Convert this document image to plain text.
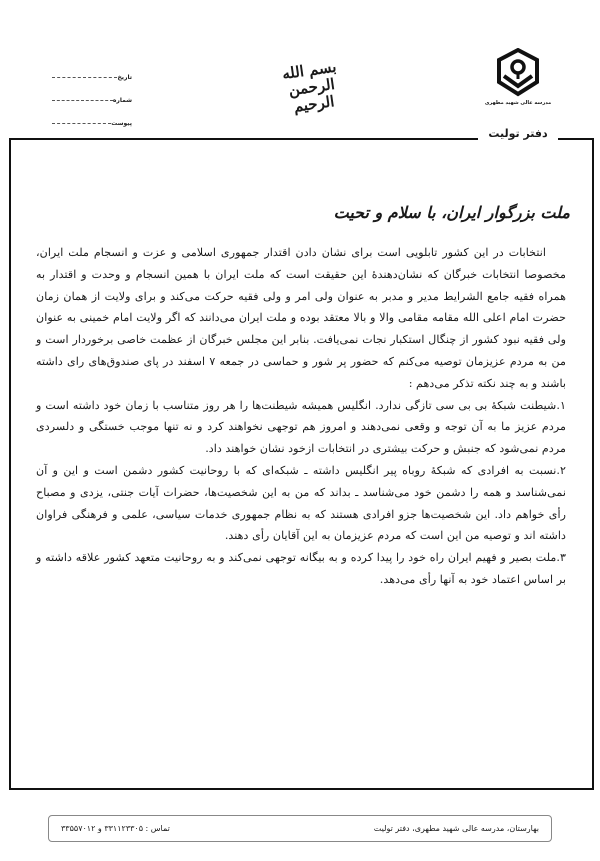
مدرسه عالی شهید مطهری
دفتر تولیت
بسم الله الرحمن الرحیم
تاریخ
شماره
پیوست
ملت بزرگوار ایران، با سلام و تحیت

انتخابات در این کشور تابلویی است برای نشان دادن اقتدار جمهوری اسلامی و عزت و انسجام ملت ایران، مخصوصا انتخابات خبرگان که نشان‌دهندهٔ این حقیقت است که ملت ایران با همین انسجام و وحدت و اقتدار به همراه فقیه جامع الشرایط مدیر و مدبر به عنوان ولی امر و ولی فقیه حرکت می‌کند و برای ولایت از همان زمان حضرت امام اعلی الله مقامه مقامی والا و بالا معتقد بوده و ملت ایران می‌دانند که اگر ولایت امام خمینی به عنوان ولی فقیه نبود کشور از چنگال استکبار نجات نمی‌یافت. بنابر این مجلس خبرگان از عظمت خاصی برخوردار است و من به مردم عزیزمان توصیه می‌کنم که حضور پر شور و حماسی در جمعه ۷ اسفند در پای صندوق‌های رای داشته باشند و به چند نکته تذکر می‌دهم :

۱.شیطنت شبکهٔ بی بی سی تازگی ندارد. انگلیس همیشه شیطنت‌ها را هر روز متناسب با زمان خود داشته است و مردم عزیز ما به آن توجه و وقعی نمی‌دهند و امروز هم توجهی نخواهند کرد و نه تنها موجب خستگی و دلسردی مردم نمی‌شود که جنبش و حرکت بیشتری در انتخابات ازخود نشان خواهند داد.

۲.نسبت به افرادی که شبکهٔ روباه پیر انگلیس داشته ـ شبکه‌ای که با روحانیت کشور دشمن است و این و آن نمی‌شناسد و همه را دشمن خود می‌شناسد ـ بداند که من به این شخصیت‌ها، حضرات آیات جنتی، یزدی و مصباح رأی خواهم داد. این شخصیت‌ها جزو افرادی هستند که به نظام جمهوری خدمات سیاسی، علمی و فرهنگی فراوان داشته اند و توصیه من این است که مردم عزیزمان به این آقایان رأی دهند.

۳.ملت بصیر و فهیم ایران راه خود را پیدا کرده و به بیگانه توجهی نمی‌کند و به روحانیت متعهد کشور علاقه داشته و بر اساس اعتماد خود به آنها رأی می‌دهد.

بهارستان، مدرسه عالی شهید مطهری، دفتر تولیت
تماس : ۳۳۱۱۲۳۳۰۵ و ۳۳۵۵۷۰۱۲
